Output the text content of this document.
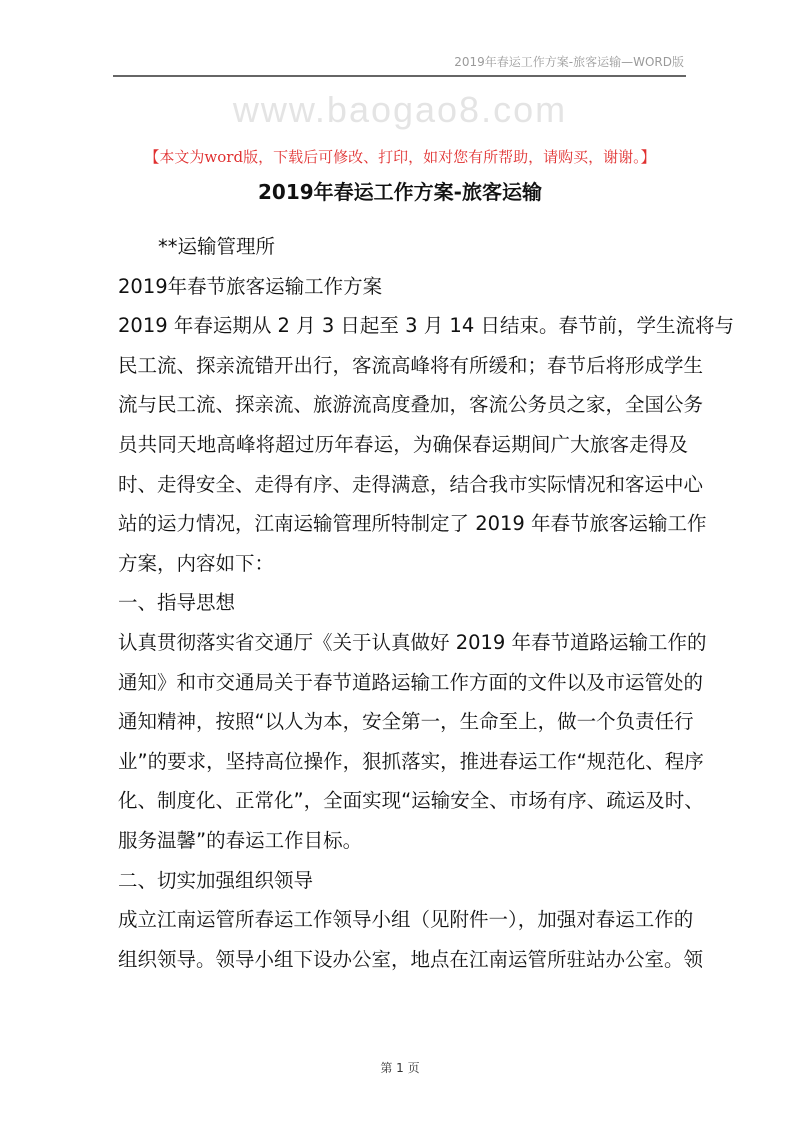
2019年春运工作方案-旅客运输—WORD版
www.baogao8.com
【本文为word版，下载后可修改、打印，如对您有所帮助，请购买，谢谢。】
2019年春运工作方案-旅客运输
**运输管理所
2019年春节旅客运输工作方案
2019 年春运期从 2 月 3 日起至 3 月 14 日结束。春节前，学生流将与
民工流、探亲流错开出行，客流高峰将有所缓和；春节后将形成学生
流与民工流、探亲流、旅游流高度叠加，客流公务员之家，全国公务
员共同天地高峰将超过历年春运，为确保春运期间广大旅客走得及
时、走得安全、走得有序、走得满意，结合我市实际情况和客运中心
站的运力情况，江南运输管理所特制定了 2019 年春节旅客运输工作
方案，内容如下：
一、指导思想
认真贯彻落实省交通厅《关于认真做好 2019 年春节道路运输工作的
通知》和市交通局关于春节道路运输工作方面的文件以及市运管处的
通知精神，按照“以人为本，安全第一，生命至上，做一个负责任行
业”的要求，坚持高位操作，狠抓落实，推进春运工作“规范化、程序
化、制度化、正常化”，全面实现“运输安全、市场有序、疏运及时、
服务温馨”的春运工作目标。
二、切实加强组织领导
成立江南运管所春运工作领导小组（见附件一），加强对春运工作的
组织领导。领导小组下设办公室，地点在江南运管所驻站办公室。领
第 1 页
